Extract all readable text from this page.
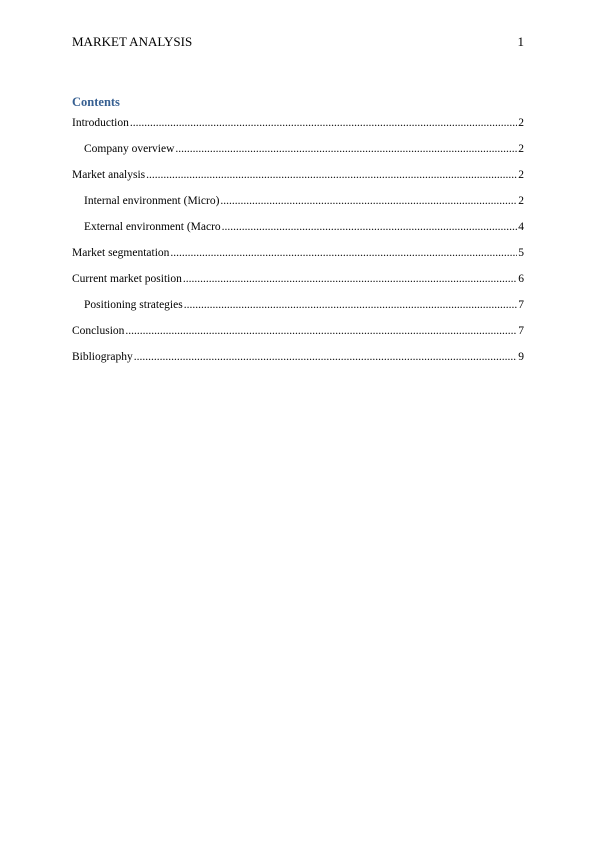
MARKET ANALYSIS	1
Contents
Introduction .....	2
Company overview .....	2
Market analysis .....	2
Internal environment (Micro) .....	2
External environment (Macro .....	4
Market segmentation .....	5
Current market position .....	6
Positioning strategies .....	7
Conclusion .....	7
Bibliography .....	9
